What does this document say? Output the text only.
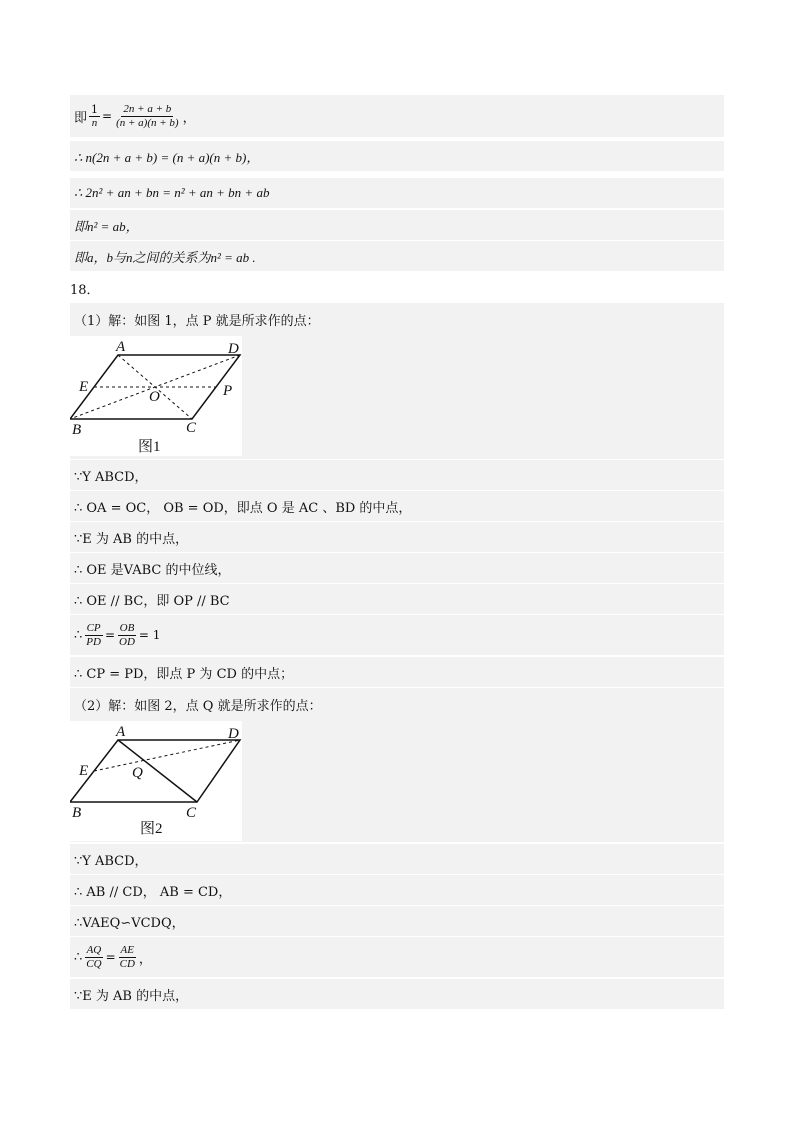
即 $\frac{1}{n} = \frac{2n + a + b}{(n + a)(n + b)}$ ，
∴ n(2n + a + b) = (n + a)(n + b)，
∴ 2n² + an + bn = n² + an + bn + ab
即n² = ab，
即a，b与n之间的关系为n² = ab .
18．
（1）解：如图 1，点 P 就是所求作的点：
A	D
E
O	P
B	C
图1
∵Y ABCD，
∴ OA = OC， OB = OD，即点 O 是 AC 、BD 的中点，
∵E 为 AB 的中点，
∴ OE 是VABC 的中位线，
∴ OE // BC，即 OP // BC
∴ $\frac{CP}{PD} = \frac{OB}{OD} = 1$
∴ CP = PD，即点 P 为 CD 的中点；
（2）解：如图 2，点 Q 就是所求作的点：
A	D
E	Q
B	C
图2
∵Y ABCD，
∴ AB // CD， AB = CD，
∴VAEQ∽VCDQ，
∴ $\frac{AQ}{CQ} = \frac{AE}{CD}$ ，
∵E 为 AB 的中点，
